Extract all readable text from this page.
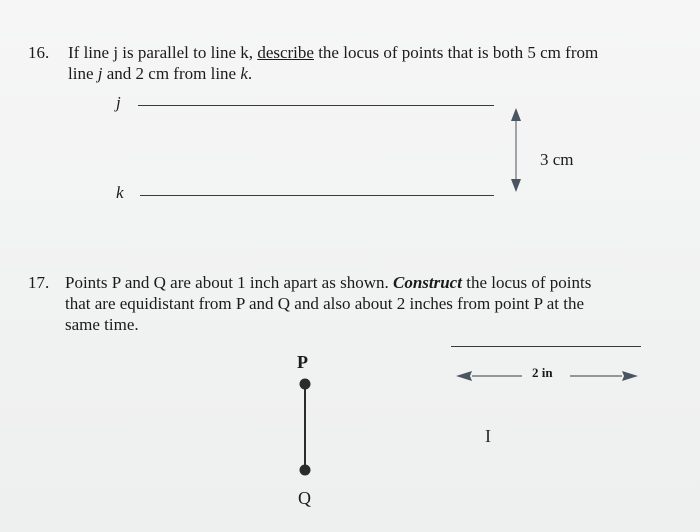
16. If line j is parallel to line k, describe the locus of points that is both 5 cm from
line j and 2 cm from line k.
j
k
3 cm
17. Points P and Q are about 1 inch apart as shown. Construct the locus of points
that are equidistant from P and Q and also about 2 inches from point P at the
same time.
P
Q
2 in
I
